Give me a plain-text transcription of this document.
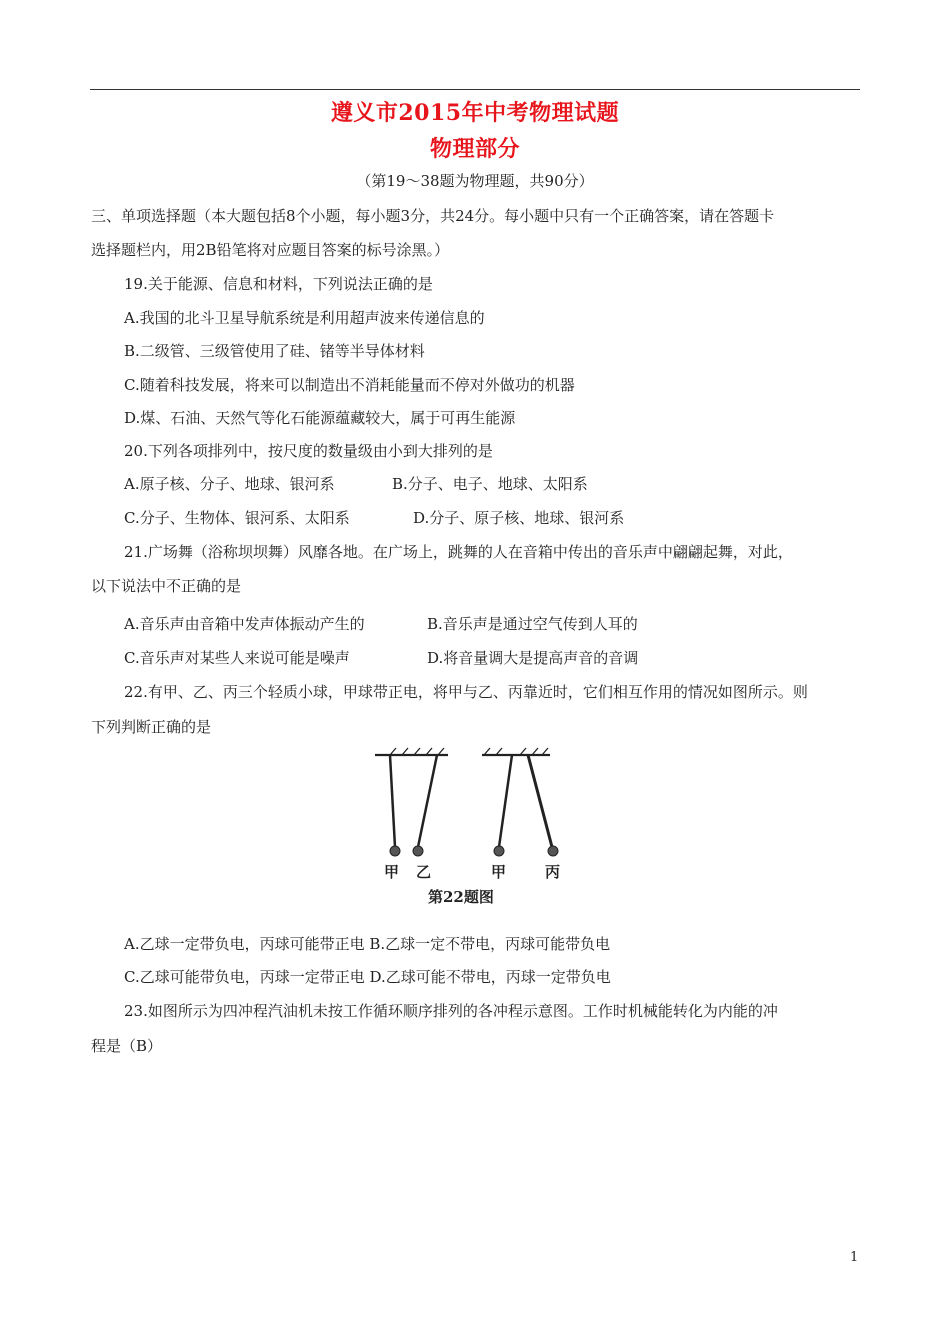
遵义市2015年中考物理试题
物理部分
（第19～38题为物理题，共90分）
三、单项选择题（本大题包括8个小题，每小题3分，共24分。每小题中只有一个正确答案，请在答题卡
选择题栏内，用2B铅笔将对应题目答案的标号涂黑。）
19.关于能源、信息和材料，下列说法正确的是
A.我国的北斗卫星导航系统是利用超声波来传递信息的
B.二级管、三级管使用了硅、锗等半导体材料
C.随着科技发展，将来可以制造出不消耗能量而不停对外做功的机器
D.煤、石油、天然气等化石能源蕴藏较大，属于可再生能源
20.下列各项排列中，按尺度的数量级由小到大排列的是
A.原子核、分子、地球、银河系	B.分子、电子、地球、太阳系
C.分子、生物体、银河系、太阳系	D.分子、原子核、地球、银河系
21.广场舞（浴称坝坝舞）风靡各地。在广场上，跳舞的人在音箱中传出的音乐声中翩翩起舞，对此，
以下说法中不正确的是
A.音乐声由音箱中发声体振动产生的	B.音乐声是通过空气传到人耳的
C.音乐声对某些人来说可能是噪声	D.将音量调大是提高声音的音调
22.有甲、乙、丙三个轻质小球，甲球带正电，将甲与乙、丙靠近时，它们相互作用的情况如图所示。则
下列判断正确的是
甲 乙	甲	丙
第22题图
A.乙球一定带负电，丙球可能带正电 B.乙球一定不带电，丙球可能带负电
C.乙球可能带负电，丙球一定带正电 D.乙球可能不带电，丙球一定带负电
23.如图所示为四冲程汽油机未按工作循环顺序排列的各冲程示意图。工作时机械能转化为内能的冲
程是（B）
1
